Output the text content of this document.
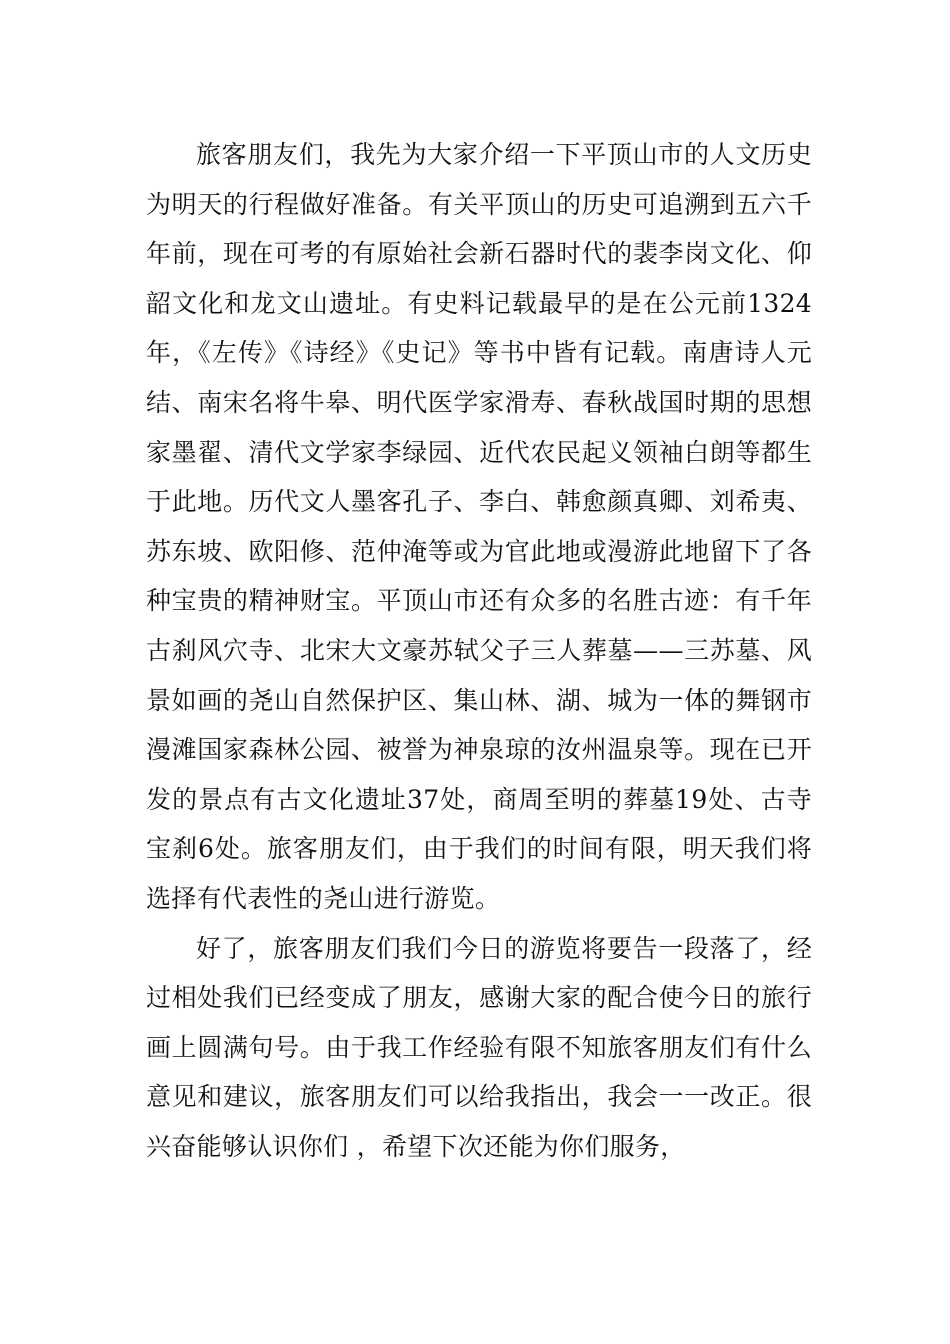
旅客朋友们，我先为大家介绍一下平顶山市的人文历史为明天的行程做好准备。有关平顶山的历史可追溯到五六千年前，现在可考的有原始社会新石器时代的裴李岗文化、仰韶文化和龙文山遗址。有史料记载最早的是在公元前1324年，《左传》《诗经》《史记》等书中皆有记载。南唐诗人元结、南宋名将牛皋、明代医学家滑寿、春秋战国时期的思想家墨翟、清代文学家李绿园、近代农民起义领袖白朗等都生于此地。历代文人墨客孔子、李白、韩愈颜真卿、刘希夷、苏东坡、欧阳修、范仲淹等或为官此地或漫游此地留下了各种宝贵的精神财宝。平顶山市还有众多的名胜古迹：有千年古刹风穴寺、北宋大文豪苏轼父子三人葬墓——三苏墓、风景如画的尧山自然保护区、集山林、湖、城为一体的舞钢市漫滩国家森林公园、被誉为神泉琼的汝州温泉等。现在已开发的景点有古文化遗址37处，商周至明的葬墓19处、古寺宝刹6处。旅客朋友们，由于我们的时间有限，明天我们将选择有代表性的尧山进行游览。

好了，旅客朋友们我们今日的游览将要告一段落了，经过相处我们已经变成了朋友，感谢大家的配合使今日的旅行画上圆满句号。由于我工作经验有限不知旅客朋友们有什么意见和建议，旅客朋友们可以给我指出，我会一一改正。很兴奋能够认识你们 ，希望下次还能为你们服务，
